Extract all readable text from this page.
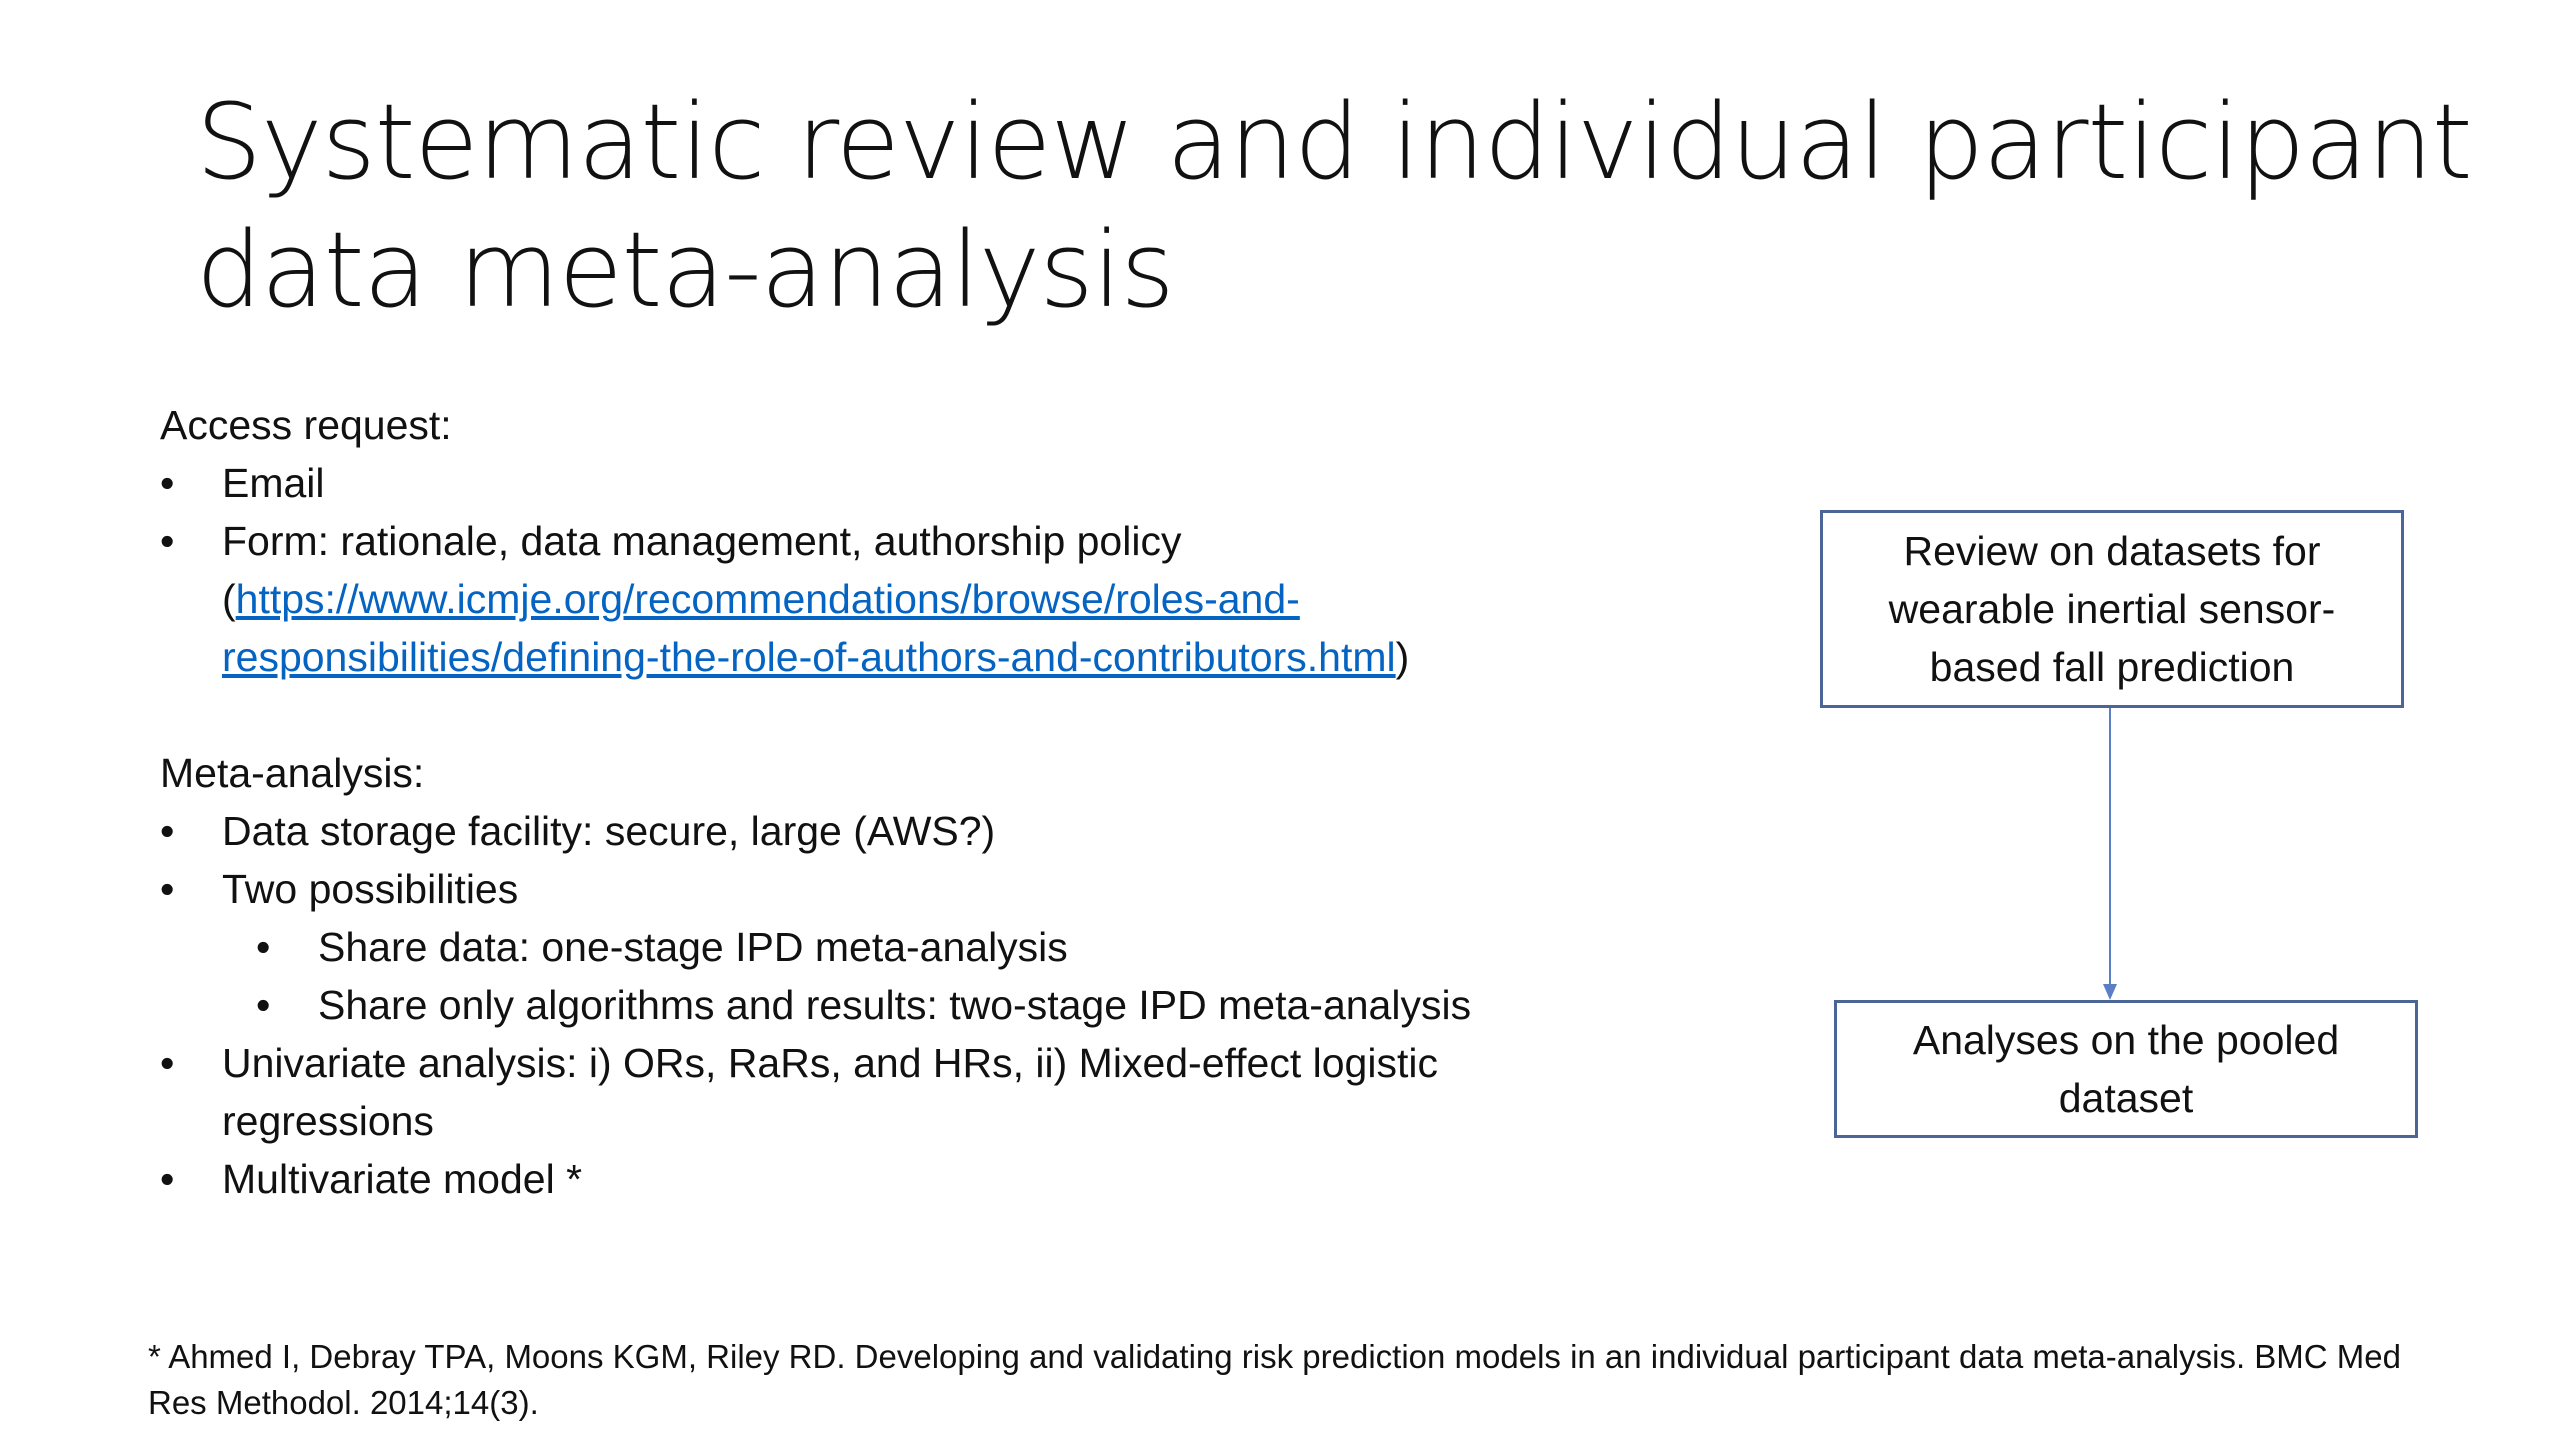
Systematic review and individual participant
data meta-analysis
Access request:
• Email
• Form: rationale, data management, authorship policy
(https://www.icmje.org/recommendations/browse/roles-and-
responsibilities/defining-the-role-of-authors-and-contributors.html)
Meta-analysis:
• Data storage facility: secure, large (AWS?)
• Two possibilities
• Share data: one-stage IPD meta-analysis
• Share only algorithms and results: two-stage IPD meta-analysis
• Univariate analysis: i) ORs, RaRs, and HRs, ii) Mixed-effect logistic
regressions
• Multivariate model *
Review on datasets for wearable inertial sensor-based fall prediction
Analyses on the pooled dataset
* Ahmed I, Debray TPA, Moons KGM, Riley RD. Developing and validating risk prediction models in an individual participant data meta-analysis. BMC Med
Res Methodol. 2014;14(3).
